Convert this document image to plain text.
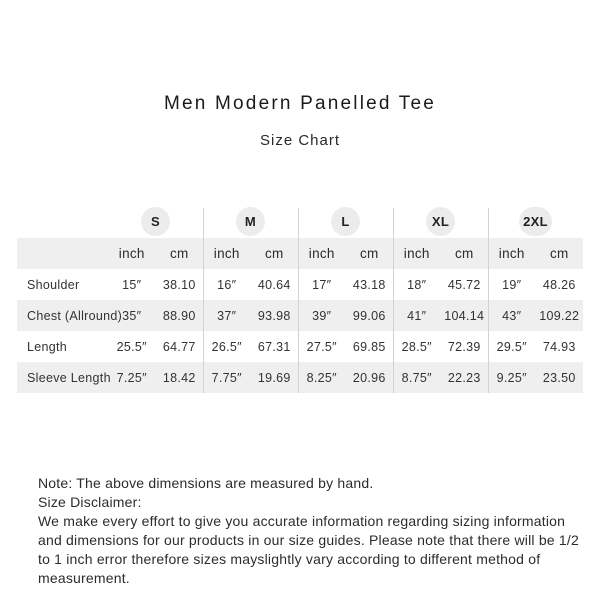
Men Modern Panelled Tee
Size Chart
S	M	L	XL	2XL
inch	cm	inch	cm	inch	cm	inch	cm	inch	cm
Shoulder	15″	38.10	16″	40.64	17″	43.18	18″	45.72	19″	48.26
Chest (Allround) 35″	88.90	37″	93.98	39″	99.06	41″	104.14	43″	109.22
Length	25.5″	64.77	26.5″	67.31	27.5″	69.85	28.5″	72.39	29.5″	74.93
Sleeve Length 7.25″	18.42	7.75″	19.69	8.25″	20.96	8.75″	22.23	9.25″	23.50

Note: The above dimensions are measured by hand.

Size Disclaimer:

We make every effort to give you accurate information regarding sizing information and dimensions for our products in our size guides. Please note that there will be 1/2 to 1 inch error therefore sizes mayslightly vary according to different method of measurement.
